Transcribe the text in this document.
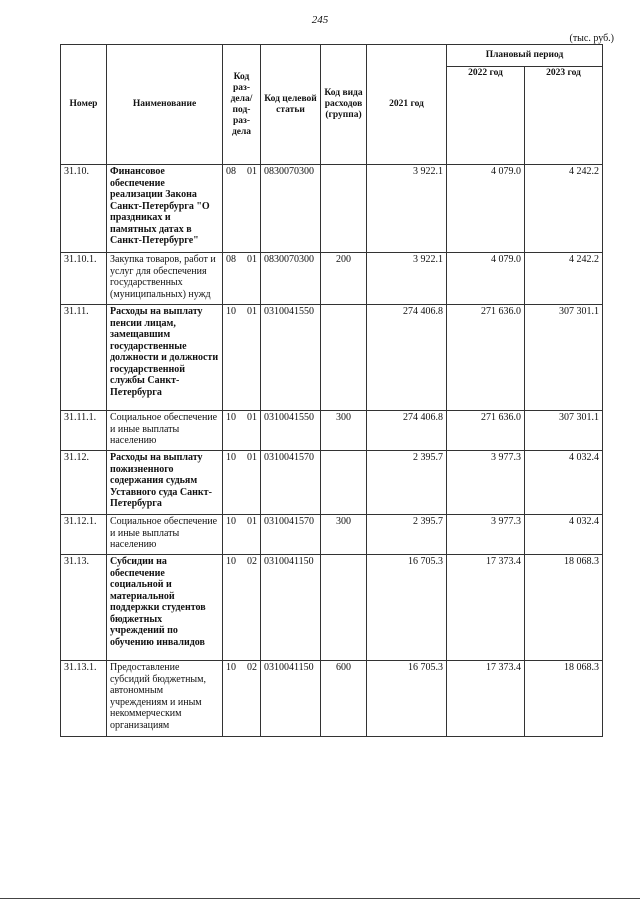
245
(тыс. руб.)
Номер	Наименование	Код раз-дела/ под-раз-дела	Код целевой статьи	Код вида расходов (группа)	2021 год	Плановый период	
						2022 год	2023 год
31.10.	Финансовое обеспечение реализации Закона Санкт-Петербурга "О праздниках и памятных датах в Санкт-Петербурге"	08 01	0830070300		3 922.1	4 079.0	4 242.2
31.10.1.	Закупка товаров, работ и услуг для обеспечения государственных (муниципальных) нужд	08 01	0830070300	200	3 922.1	4 079.0	4 242.2
31.11.	Расходы на выплату пенсии лицам, замещавшим государственные должности и должности государственной службы Санкт-Петербурга	10 01	0310041550		274 406.8	271 636.0	307 301.1
31.11.1.	Социальное обеспечение и иные выплаты населению	10 01	0310041550	300	274 406.8	271 636.0	307 301.1
31.12.	Расходы на выплату пожизненного содержания судьям Уставного суда Санкт-Петербурга	10 01	0310041570		2 395.7	3 977.3	4 032.4
31.12.1.	Социальное обеспечение и иные выплаты населению	10 01	0310041570	300	2 395.7	3 977.3	4 032.4
31.13.	Субсидии на обеспечение социальной и материальной поддержки студентов бюджетных учреждений по обучению инвалидов	10 02	0310041150		16 705.3	17 373.4	18 068.3
31.13.1.	Предоставление субсидий бюджетным, автономным учреждениям и иным некоммерческим организациям	10 02	0310041150	600	16 705.3	17 373.4	18 068.3
